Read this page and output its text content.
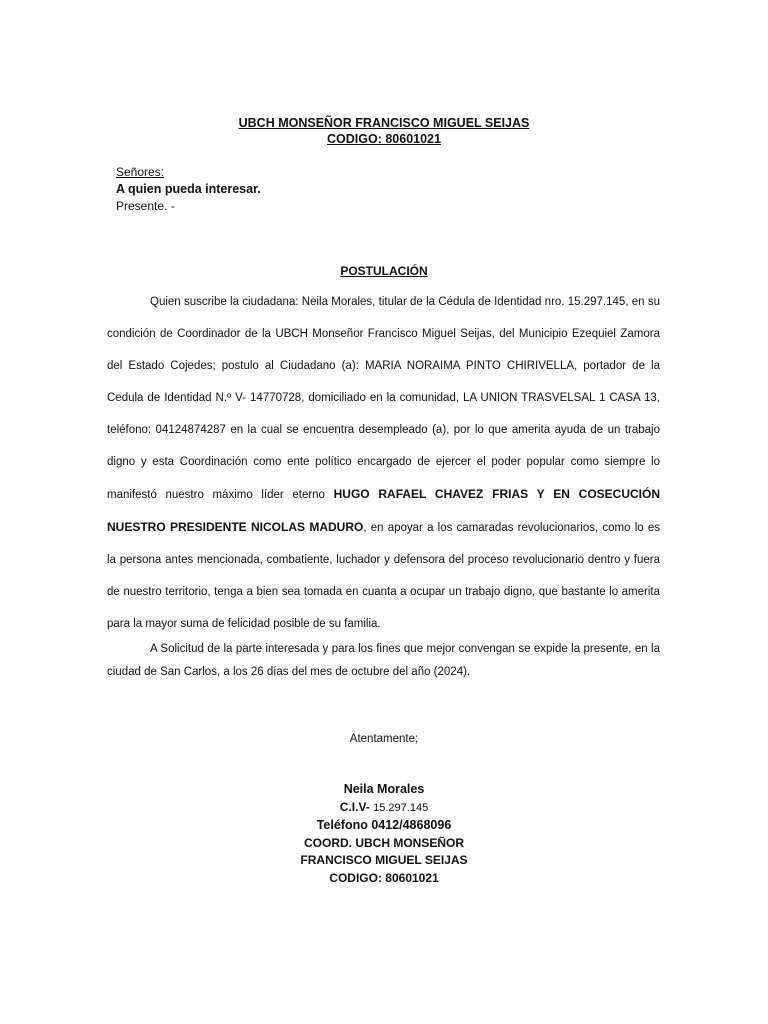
UBCH MONSEÑOR FRANCISCO MIGUEL SEIJAS
CODIGO: 80601021
Señores:
A quien pueda interesar.
Presente. -
POSTULACIÓN
Quien suscribe la ciudadana: Neila Morales, titular de la Cédula de Identidad nro. 15.297.145, en su condición de Coordinador de la UBCH Monseñor Francisco Miguel Seijas, del Municipio Ezequiel Zamora del Estado Cojedes; postulo al Ciudadano (a): MARIA NORAIMA PINTO CHIRIVELLA, portador de la Cedula de Identidad N.º V- 14770728, domiciliado en la comunidad, LA UNION TRASVELSAL 1 CASA 13, teléfono: 04124874287 en la cual se encuentra desempleado (a), por lo que amerita ayuda de un trabajo digno y esta Coordinación como ente político encargado de ejercer el poder popular como siempre lo manifestó nuestro máximo líder eterno HUGO RAFAEL CHAVEZ FRIAS Y EN COSECUCIÓN NUESTRO PRESIDENTE NICOLAS MADURO, en apoyar a los camaradas revolucionarios, como lo es la persona antes mencionada, combatiente, luchador y defensora del proceso revolucionario dentro y fuera de nuestro territorio, tenga a bien sea tomada en cuanta a ocupar un trabajo digno, que bastante lo amerita para la mayor suma de felicidad posible de su familia.
A Solicitud de la parte interesada y para los fines que mejor convengan se expide la presente, en la ciudad de San Carlos, a los 26 días del mes de octubre del año (2024).
Atentamente;
Neila Morales
C.I.V- 15.297.145
Teléfono 0412/4868096
COORD. UBCH MONSEÑOR
FRANCISCO MIGUEL SEIJAS
CODIGO: 80601021
